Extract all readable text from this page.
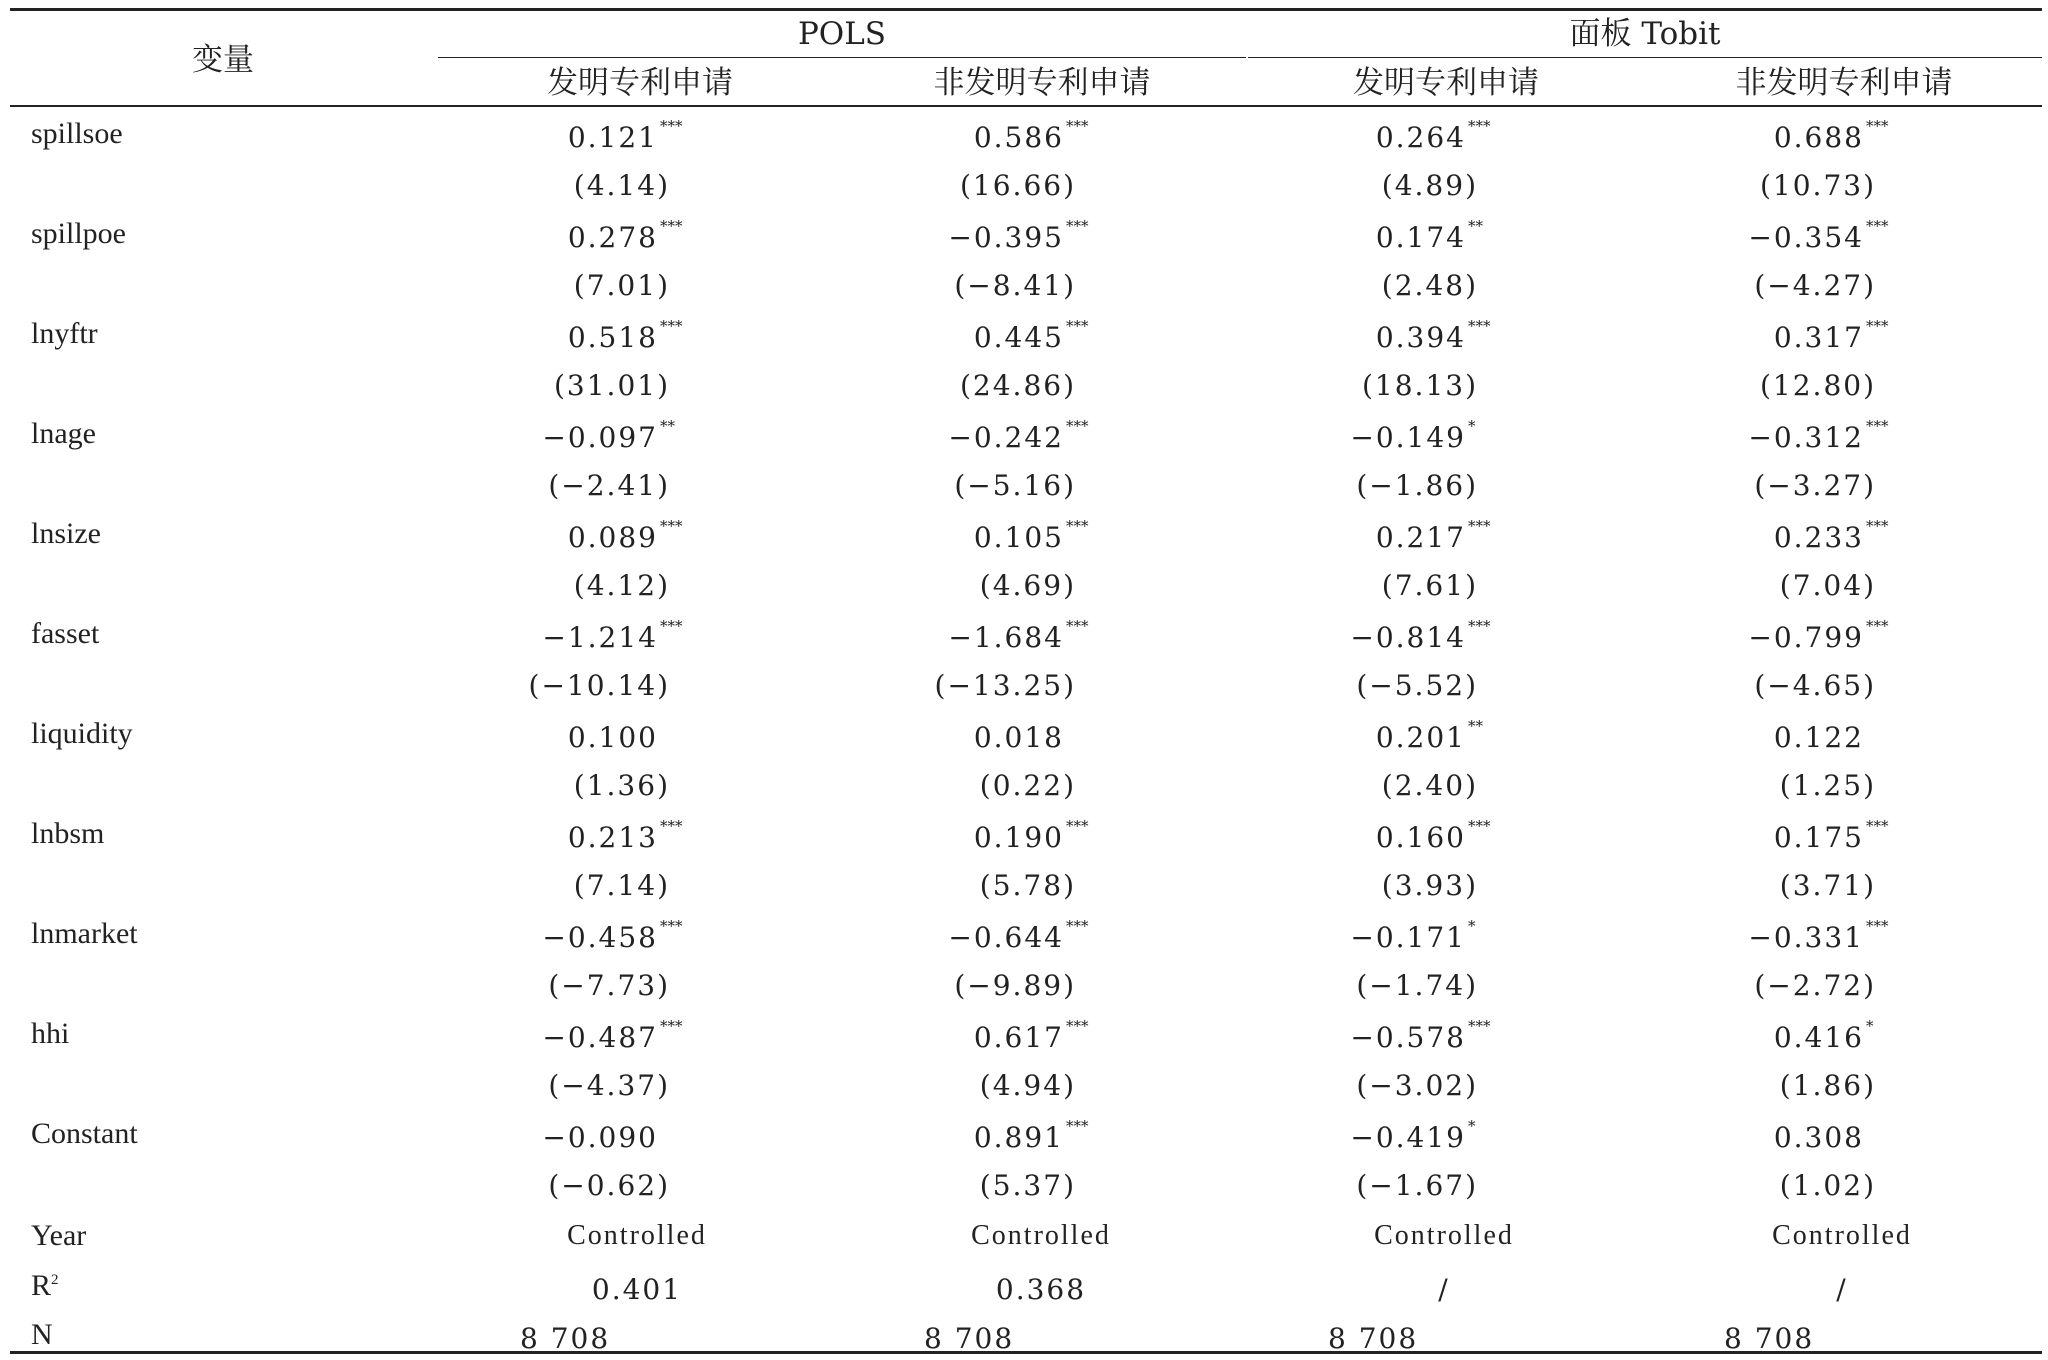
变量
POLS	面板 Tobit
发明专利申请	非发明专利申请	发明专利申请	非发明专利申请
spillsoe	0.121 ***	0.586 ***	0.264 ***	0.688 ***
(4.14)	(16.66)	(4.89)	(10.73)
spillpoe	0.278 ***	−0.395 ***	0.174 **	−0.354 ***
(7.01)	(−8.41)	(2.48)	(−4.27)
lnyftr	0.518 ***	0.445 ***	0.394 ***	0.317 ***
(31.01)	(24.86)	(18.13)	(12.80)
lnage	−0.097 **	−0.242 ***	−0.149 *	−0.312 ***
(−2.41)	(−5.16)	(−1.86)	(−3.27)
lnsize	0.089 ***	0.105 ***	0.217 ***	0.233 ***
(4.12)	(4.69)	(7.61)	(7.04)
fasset	−1.214 ***	−1.684 ***	−0.814 ***	−0.799 ***
(−10.14)	(−13.25)	(−5.52)	(−4.65)
liquidity	0.100	0.018	0.201 **	0.122
(1.36)	(0.22)	(2.40)	(1.25)
lnbsm	0.213 ***	0.190 ***	0.160 ***	0.175 ***
(7.14)	(5.78)	(3.93)	(3.71)
lnmarket	−0.458 ***	−0.644 ***	−0.171 *	−0.331 ***
(−7.73)	(−9.89)	(−1.74)	(−2.72)
hhi	−0.487 ***	0.617 ***	−0.578 ***	0.416 *
(−4.37)	(4.94)	(−3.02)	(1.86)
Constant	−0.090	0.891 ***	−0.419 *	0.308
(−0.62)	(5.37)	(−1.67)	(1.02)
Year	Controlled	Controlled	Controlled	Controlled
$R^2$	0.401	0.368	/	/
N	8 708	8 708	8 708	8 708
